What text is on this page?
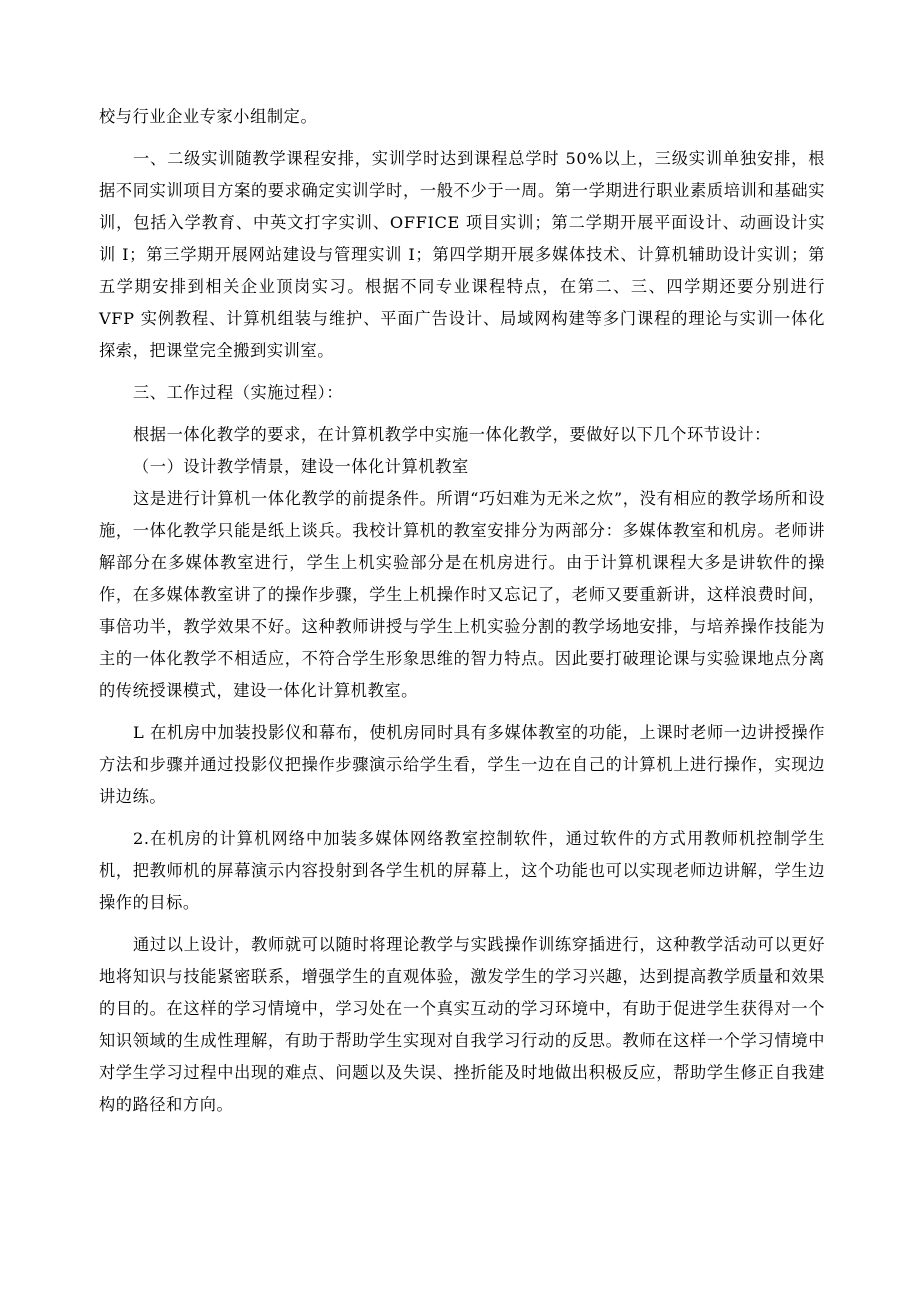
校与行业企业专家小组制定。

一、二级实训随教学课程安排，实训学时达到课程总学时 50%以上，三级实训单独安排，根据不同实训项目方案的要求确定实训学时，一般不少于一周。第一学期进行职业素质培训和基础实训，包括入学教育、中英文打字实训、OFFICE 项目实训；第二学期开展平面设计、动画设计实训 I；第三学期开展网站建设与管理实训 I；第四学期开展多媒体技术、计算机辅助设计实训；第五学期安排到相关企业顶岗实习。根据不同专业课程特点，在第二、三、四学期还要分别进行 VFP 实例教程、计算机组装与维护、平面广告设计、局域网构建等多门课程的理论与实训一体化探索，把课堂完全搬到实训室。

三、工作过程（实施过程）：

根据一体化教学的要求，在计算机教学中实施一体化教学，要做好以下几个环节设计：

（一）设计教学情景，建设一体化计算机教室

这是进行计算机一体化教学的前提条件。所谓“巧妇难为无米之炊”，没有相应的教学场所和设施，一体化教学只能是纸上谈兵。我校计算机的教室安排分为两部分：多媒体教室和机房。老师讲解部分在多媒体教室进行，学生上机实验部分是在机房进行。由于计算机课程大多是讲软件的操作，在多媒体教室讲了的操作步骤，学生上机操作时又忘记了，老师又要重新讲，这样浪费时间，事倍功半，教学效果不好。这种教师讲授与学生上机实验分割的教学场地安排，与培养操作技能为主的一体化教学不相适应，不符合学生形象思维的智力特点。因此要打破理论课与实验课地点分离的传统授课模式，建设一体化计算机教室。

L 在机房中加装投影仪和幕布，使机房同时具有多媒体教室的功能，上课时老师一边讲授操作方法和步骤并通过投影仪把操作步骤演示给学生看，学生一边在自己的计算机上进行操作，实现边讲边练。

2.在机房的计算机网络中加装多媒体网络教室控制软件，通过软件的方式用教师机控制学生机，把教师机的屏幕演示内容投射到各学生机的屏幕上，这个功能也可以实现老师边讲解，学生边操作的目标。

通过以上设计，教师就可以随时将理论教学与实践操作训练穿插进行，这种教学活动可以更好地将知识与技能紧密联系，增强学生的直观体验，激发学生的学习兴趣，达到提高教学质量和效果的目的。在这样的学习情境中，学习处在一个真实互动的学习环境中，有助于促进学生获得对一个知识领域的生成性理解，有助于帮助学生实现对自我学习行动的反思。教师在这样一个学习情境中对学生学习过程中出现的难点、问题以及失误、挫折能及时地做出积极反应，帮助学生修正自我建构的路径和方向。
